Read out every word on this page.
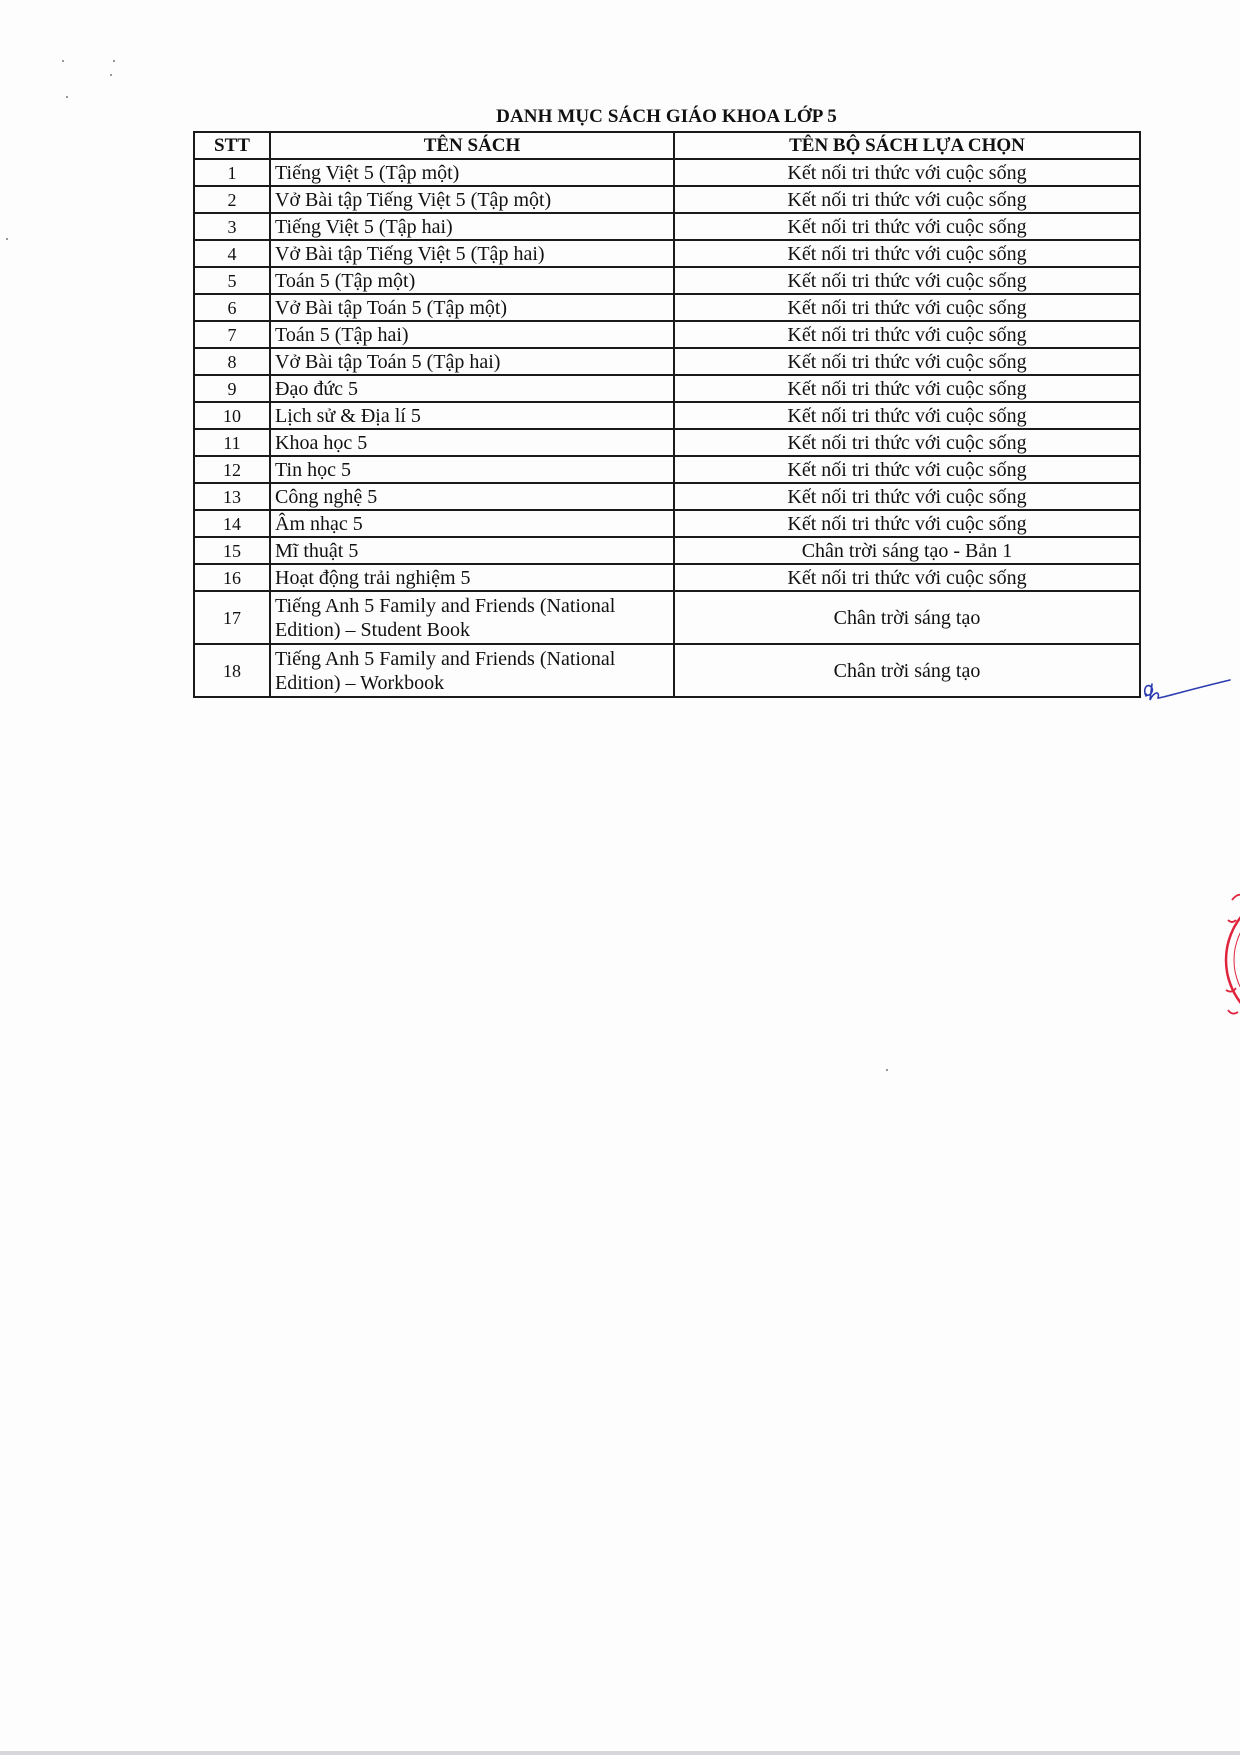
DANH MỤC SÁCH GIÁO KHOA LỚP 5
STT	TÊN SÁCH	TÊN BỘ SÁCH LỰA CHỌN
1	Tiếng Việt 5 (Tập một)	Kết nối tri thức với cuộc sống
2	Vở Bài tập Tiếng Việt 5 (Tập một)	Kết nối tri thức với cuộc sống
3	Tiếng Việt 5 (Tập hai)	Kết nối tri thức với cuộc sống
4	Vở Bài tập Tiếng Việt 5 (Tập hai)	Kết nối tri thức với cuộc sống
5	Toán 5 (Tập một)	Kết nối tri thức với cuộc sống
6	Vở Bài tập Toán 5 (Tập một)	Kết nối tri thức với cuộc sống
7	Toán 5 (Tập hai)	Kết nối tri thức với cuộc sống
8	Vở Bài tập Toán 5 (Tập hai)	Kết nối tri thức với cuộc sống
9	Đạo đức 5	Kết nối tri thức với cuộc sống
10	Lịch sử & Địa lí 5	Kết nối tri thức với cuộc sống
11	Khoa học 5	Kết nối tri thức với cuộc sống
12	Tin học 5	Kết nối tri thức với cuộc sống
13	Công nghệ 5	Kết nối tri thức với cuộc sống
14	Âm nhạc 5	Kết nối tri thức với cuộc sống
15	Mĩ thuật 5	Chân trời sáng tạo - Bản 1
16	Hoạt động trải nghiệm 5	Kết nối tri thức với cuộc sống
17	Tiếng Anh 5 Family and Friends (National Edition) – Student Book	Chân trời sáng tạo
18	Tiếng Anh 5 Family and Friends (National Edition) – Workbook	Chân trời sáng tạo
